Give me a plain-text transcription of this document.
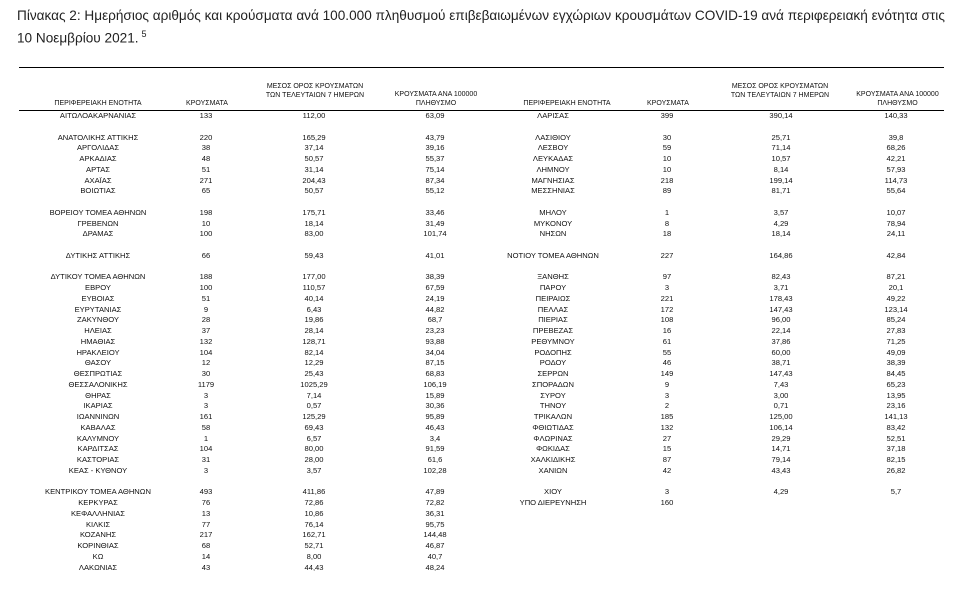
Πίνακας 2: Ημερήσιος αριθμός και κρούσματα ανά 100.000 πληθυσμού επιβεβαιωμένων εγχώριων κρουσμάτων COVID-19 ανά περιφερειακή ενότητα στις 10 Νοεμβρίου 2021. $^5$
ΠΕΡΙΦΕΡΕΙΑΚΗ ΕΝΟΤΗΤΑ	ΚΡΟΥΣΜΑΤΑ
ΜΕΣΟΣ ΟΡΟΣ ΚΡΟΥΣΜΑΤΩΝ
ΤΩΝ ΤΕΛΕΥΤΑΙΩΝ 7 ΗΜΕΡΩΝ	ΚΡΟΥΣΜΑΤΑ ΑΝΑ 100000
ΠΛΗΘΥΣΜΟ	ΠΕΡΙΦΕΡΕΙΑΚΗ ΕΝΟΤΗΤΑ	ΚΡΟΥΣΜΑΤΑ
ΜΕΣΟΣ ΟΡΟΣ ΚΡΟΥΣΜΑΤΩΝ
ΤΩΝ ΤΕΛΕΥΤΑΙΩΝ 7 ΗΜΕΡΩΝ	ΚΡΟΥΣΜΑΤΑ ΑΝΑ 100000
ΠΛΗΘΥΣΜΟ
ΑΙΤΩΛΟΑΚΑΡΝΑΝΙΑΣ	133	112,00	63,09
ΑΝΑΤΟΛΙΚΗΣ ΑΤΤΙΚΗΣ	220	165,29	43,79
ΑΡΓΟΛΙΔΑΣ	38	37,14	39,16
ΑΡΚΑΔΙΑΣ	48	50,57	55,37
ΑΡΤΑΣ	51	31,14	75,14
ΑΧΑΪΑΣ	271	204,43	87,34
ΒΟΙΩΤΙΑΣ	65	50,57	55,12
ΒΟΡΕΙΟΥ ΤΟΜΕΑ ΑΘΗΝΩΝ	198	175,71	33,46
ΓΡΕΒΕΝΩΝ	10	18,14	31,49
ΔΡΑΜΑΣ	100	83,00	101,74
ΔΥΤΙΚΗΣ ΑΤΤΙΚΗΣ	66	59,43	41,01
ΔΥΤΙΚΟΥ ΤΟΜΕΑ ΑΘΗΝΩΝ	188	177,00	38,39
ΕΒΡΟΥ	100	110,57	67,59
ΕΥΒΟΙΑΣ	51	40,14	24,19
ΕΥΡΥΤΑΝΙΑΣ	9	6,43	44,82
ΖΑΚΥΝΘΟΥ	28	19,86	68,7
ΗΛΕΙΑΣ	37	28,14	23,23
ΗΜΑΘΙΑΣ	132	128,71	93,88
ΗΡΑΚΛΕΙΟΥ	104	82,14	34,04
ΘΑΣΟΥ	12	12,29	87,15
ΘΕΣΠΡΩΤΙΑΣ	30	25,43	68,83
ΘΕΣΣΑΛΟΝΙΚΗΣ	1179	1025,29	106,19
ΘΗΡΑΣ	3	7,14	15,89
ΙΚΑΡΙΑΣ	3	0,57	30,36
ΙΩΑΝΝΙΝΩΝ	161	125,29	95,89
ΚΑΒΑΛΑΣ	58	69,43	46,43
ΚΑΛΥΜΝΟΥ	1	6,57	3,4
ΚΑΡΔΙΤΣΑΣ	104	80,00	91,59
ΚΑΣΤΟΡΙΑΣ	31	28,00	61,6
ΚΕΑΣ - ΚΥΘΝΟΥ	3	3,57	102,28
ΚΕΝΤΡΙΚΟΥ ΤΟΜΕΑ ΑΘΗΝΩΝ	493	411,86	47,89
ΚΕΡΚΥΡΑΣ	76	72,86	72,82
ΚΕΦΑΛΛΗΝΙΑΣ	13	10,86	36,31
ΚΙΛΚΙΣ	77	76,14	95,75
ΚΟΖΑΝΗΣ	217	162,71	144,48
ΚΟΡΙΝΘΙΑΣ	68	52,71	46,87
ΚΩ	14	8,00	40,7
ΛΑΚΩΝΙΑΣ	43	44,43	48,24
ΛΑΡΙΣΑΣ	399	390,14	140,33
ΛΑΣΙΘΙΟΥ	30	25,71	39,8
ΛΕΣΒΟΥ	59	71,14	68,26
ΛΕΥΚΑΔΑΣ	10	10,57	42,21
ΛΗΜΝΟΥ	10	8,14	57,93
ΜΑΓΝΗΣΙΑΣ	218	199,14	114,73
ΜΕΣΣΗΝΙΑΣ	89	81,71	55,64
ΜΗΛΟΥ	1	3,57	10,07
ΜΥΚΟΝΟΥ	8	4,29	78,94
ΝΗΣΩΝ	18	18,14	24,11
ΝΟΤΙΟΥ ΤΟΜΕΑ ΑΘΗΝΩΝ	227	164,86	42,84
ΞΑΝΘΗΣ	97	82,43	87,21
ΠΑΡΟΥ	3	3,71	20,1
ΠΕΙΡΑΙΩΣ	221	178,43	49,22
ΠΕΛΛΑΣ	172	147,43	123,14
ΠΙΕΡΙΑΣ	108	96,00	85,24
ΠΡΕΒΕΖΑΣ	16	22,14	27,83
ΡΕΘΥΜΝΟΥ	61	37,86	71,25
ΡΟΔΟΠΗΣ	55	60,00	49,09
ΡΟΔΟΥ	46	38,71	38,39
ΣΕΡΡΩΝ	149	147,43	84,45
ΣΠΟΡΑΔΩΝ	9	7,43	65,23
ΣΥΡΟΥ	3	3,00	13,95
ΤΗΝΟΥ	2	0,71	23,16
ΤΡΙΚΑΛΩΝ	185	125,00	141,13
ΦΘΙΩΤΙΔΑΣ	132	106,14	83,42
ΦΛΩΡΙΝΑΣ	27	29,29	52,51
ΦΩΚΙΔΑΣ	15	14,71	37,18
ΧΑΛΚΙΔΙΚΗΣ	87	79,14	82,15
ΧΑΝΙΩΝ	42	43,43	26,82
ΧΙΟΥ	3	4,29	5,7
ΥΠΟ ΔΙΕΡΕΥΝΗΣΗ	160
